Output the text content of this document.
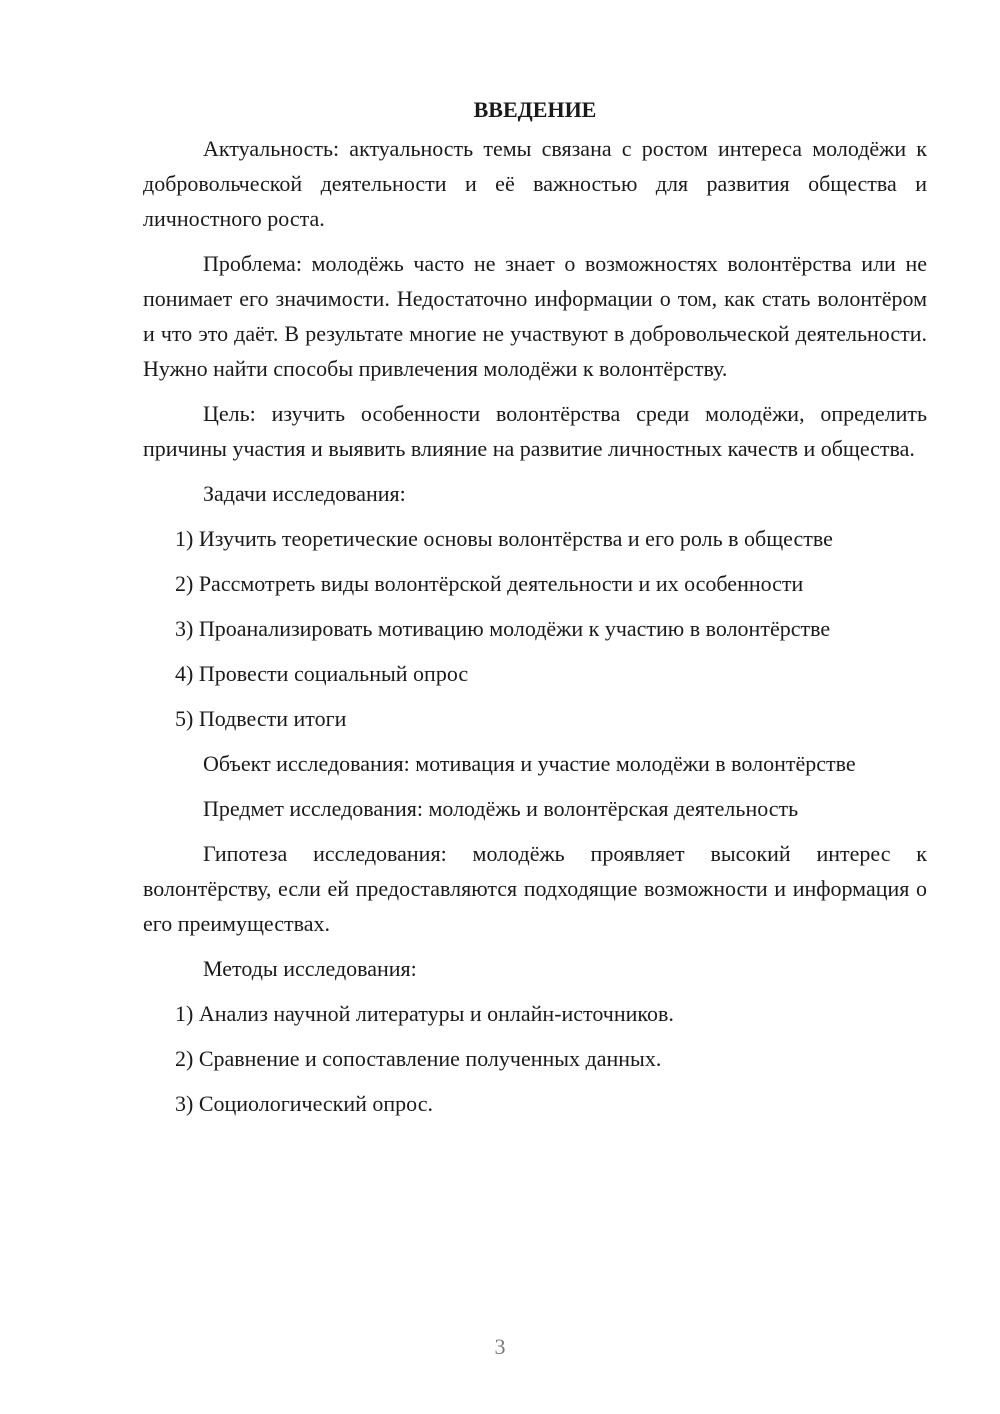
ВВЕДЕНИЕ

Актуальность: актуальность темы связана с ростом интереса молодёжи к добровольческой деятельности и её важностью для развития общества и личностного роста.

Проблема: молодёжь часто не знает о возможностях волонтёрства или не понимает его значимости. Недостаточно информации о том, как стать волонтёром и что это даёт. В результате многие не участвуют в добровольческой деятельности. Нужно найти способы привлечения молодёжи к волонтёрству.

Цель: изучить особенности волонтёрства среди молодёжи, определить причины участия и выявить влияние на развитие личностных качеств и общества.

Задачи исследования:

1) Изучить теоретические основы волонтёрства и его роль в обществе

2) Рассмотреть виды волонтёрской деятельности и их особенности

3) Проанализировать мотивацию молодёжи к участию в волонтёрстве

4) Провести социальный опрос

5) Подвести итоги

Объект исследования: мотивация и участие молодёжи в волонтёрстве

Предмет исследования: молодёжь и волонтёрская деятельность

Гипотеза исследования: молодёжь проявляет высокий интерес к волонтёрству, если ей предоставляются подходящие возможности и информация о его преимуществах.

Методы исследования:

1) Анализ научной литературы и онлайн-источников.

2) Сравнение и сопоставление полученных данных.

3) Социологический опрос.

3
